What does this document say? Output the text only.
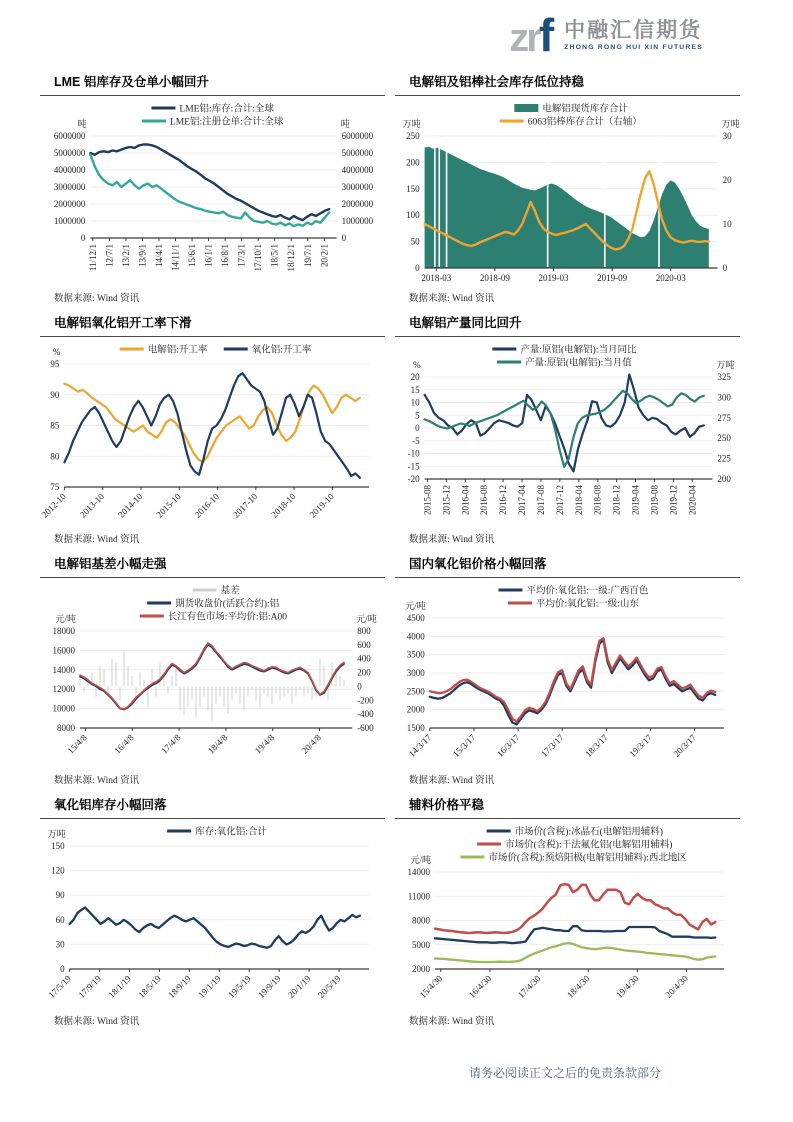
zrf 中融汇信期货
ZHONG RONG HUI XIN FUTURES
LME 铝库存及仓单小幅回升
6000000
5000000
4000000
3000000
2000000
1000000
0
6000000
5000000
4000000
3000000
2000000
1000000
0
吨	吨
11/12/1 12/7/1 13/2/1 13/9/1 14/4/1 14/11/1 15/6/1 16/1/1 16/8/1 17/3/1 17/10/1 18/5/1 18/12/1 19/7/1 20/2/1
LME铝:库存:合计:全球
LME铝:注册仓单:合计:全球
数据来源: Wind 资讯
电解铝及铝棒社会库存低位持稳
250
200
150
100
50
0
30
20
10
0
万吨	万吨
2018-03	2018-09	2019-03	2019-09	2020-03
电解铝现货库存合计
6063铝棒库存合计（右轴）
数据来源: Wind 资讯
电解铝氧化铝开工率下滑
95
90
85
80
75
%
2012-10 2013-10 2014-10 2015-10 2016-10 2017-10 2018-10 2019-10
电解铝:开工率	氧化铝:开工率
数据来源: Wind 资讯
电解铝产量同比回升
20
15
10
5
0
-5
-10
-15
-20
325
300
275
250
225
200
%	万吨
2015-08 2015-12 2016-04 2016-08 2016-12 2017-04 2017-08 2017-12 2018-04 2018-08 2018-12 2019-04 2019-08 2019-12 2020-04
产量:原铝(电解铝):当月同比
产量:原铝(电解铝):当月值
数据来源: Wind 资讯
电解铝基差小幅走强
18000
16000
14000
12000
10000
8000
800
600
400
200
0
-200
-400
-600
元/吨	元/吨
15/4/8	16/4/8	17/4/8	18/4/8	19/4/8	20/4/8
基差
期货收盘价(活跃合约):铝
长江有色市场:平均价:铝:A00
数据来源: Wind 资讯
国内氧化铝价格小幅回落
4500
4000
3500
3000
2500
2000
1500
元/吨
14/3/17 15/3/17 16/3/17 17/3/17 18/3/17 19/3/17 20/3/17
平均价:氧化铝:一级:广西百色
平均价:氧化铝:一级:山东
数据来源: Wind 资讯
氧化铝库存小幅回落
150
120
90
60
30
0
万吨
17/5/19 17/9/19 18/1/19 18/5/19 18/9/19 19/1/19 19/5/19 19/9/19 20/1/19 20/5/19
库存:氧化铝:合计
数据来源: Wind 资讯
辅料价格平稳
14000
11000
8000
5000
2000
元/吨
15/4/30	16/4/30	17/4/30	18/4/30	19/4/30	20/4/30
市场价(含税):冰晶石(电解铝用辅料)
市场价(含税):干法氟化铝(电解铝用辅料)
市场价(含税):预焙阳极(电解铝用辅料):西北地区
数据来源: Wind 资讯
请务必阅读正文之后的免责条款部分
